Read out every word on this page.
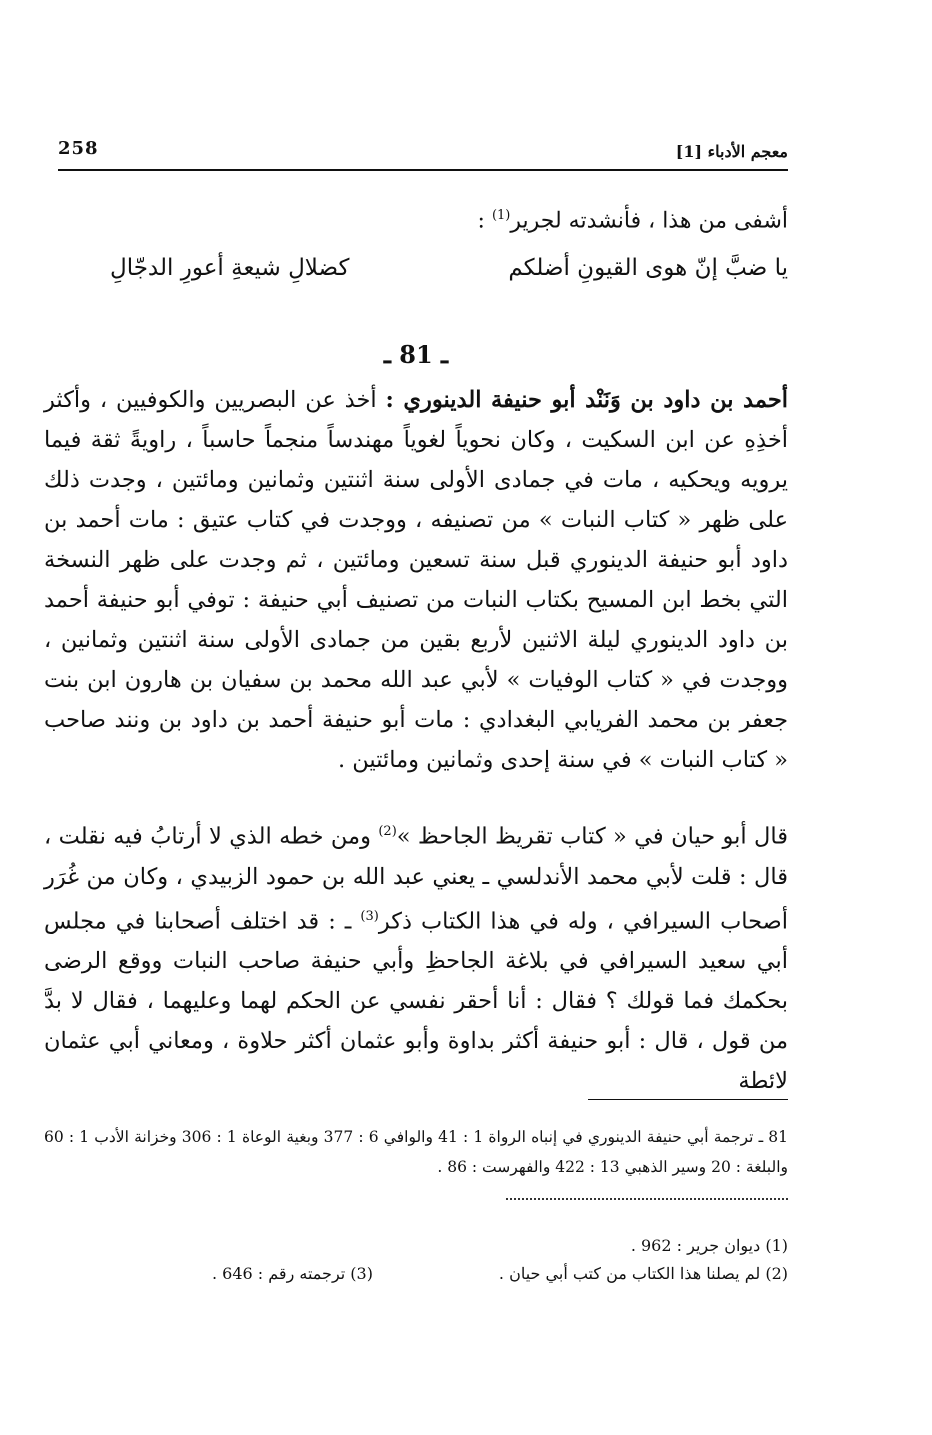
258	معجم الأدباء [1]
أشفى من هذا ، فأنشدته لجرير$^{(1)}$ :
يا ضبَّ إنّ هوى القيونِ أضلكم
كضلالِ شيعةِ أعورِ الدجّالِ
ـ 81 ـ
أحمد بن داود بن وَنَنْد أبو حنيفة الدينوري : أخذ عن البصريين والكوفيين ، وأكثر أخذِهِ عن ابن السكيت ، وكان نحوياً لغوياً مهندساً منجماً حاسباً ، راويةً ثقة فيما يرويه ويحكيه ، مات في جمادى الأولى سنة اثنتين وثمانين ومائتين ، وجدت ذلك على ظهر « كتاب النبات » من تصنيفه ، ووجدت في كتاب عتيق : مات أحمد بن داود أبو حنيفة الدينوري قبل سنة تسعين ومائتين ، ثم وجدت على ظهر النسخة التي بخط ابن المسيح بكتاب النبات من تصنيف أبي حنيفة : توفي أبو حنيفة أحمد بن داود الدينوري ليلة الاثنين لأربع بقين من جمادى الأولى سنة اثنتين وثمانين ، ووجدت في « كتاب الوفيات » لأبي عبد الله محمد بن سفيان بن هارون ابن بنت جعفر بن محمد الفريابي البغدادي : مات أبو حنيفة أحمد بن داود بن ونند صاحب « كتاب النبات » في سنة إحدى وثمانين ومائتين .
قال أبو حيان في « كتاب تقريظ الجاحظ »$^{(2)}$ ومن خطه الذي لا أرتابُ فيه نقلت ، قال : قلت لأبي محمد الأندلسي ـ يعني عبد الله بن حمود الزبيدي ، وكان من غُرَر أصحاب السيرافي ، وله في هذا الكتاب ذكر$^{(3)}$ ـ : قد اختلف أصحابنا في مجلس أبي سعيد السيرافي في بلاغة الجاحظِ وأبي حنيفة صاحب النبات ووقع الرضى بحكمك فما قولك ؟ فقال : أنا أحقر نفسي عن الحكم لهما وعليهما ، فقال لا بدَّ من قول ، قال : أبو حنيفة أكثر بداوة وأبو عثمان أكثر حلاوة ، ومعاني أبي عثمان لائطة
81 ـ ترجمة أبي حنيفة الدينوري في إنباه الرواة 1 : 41 والوافي 6 : 377 وبغية الوعاة 1 : 306 وخزانة الأدب 1 : 60 والبلغة : 20 وسير الذهبي 13 : 422 والفهرست : 86 .
(1) ديوان جرير : 962 .
(2) لم يصلنا هذا الكتاب من كتب أبي حيان .
(3) ترجمته رقم : 646 .
